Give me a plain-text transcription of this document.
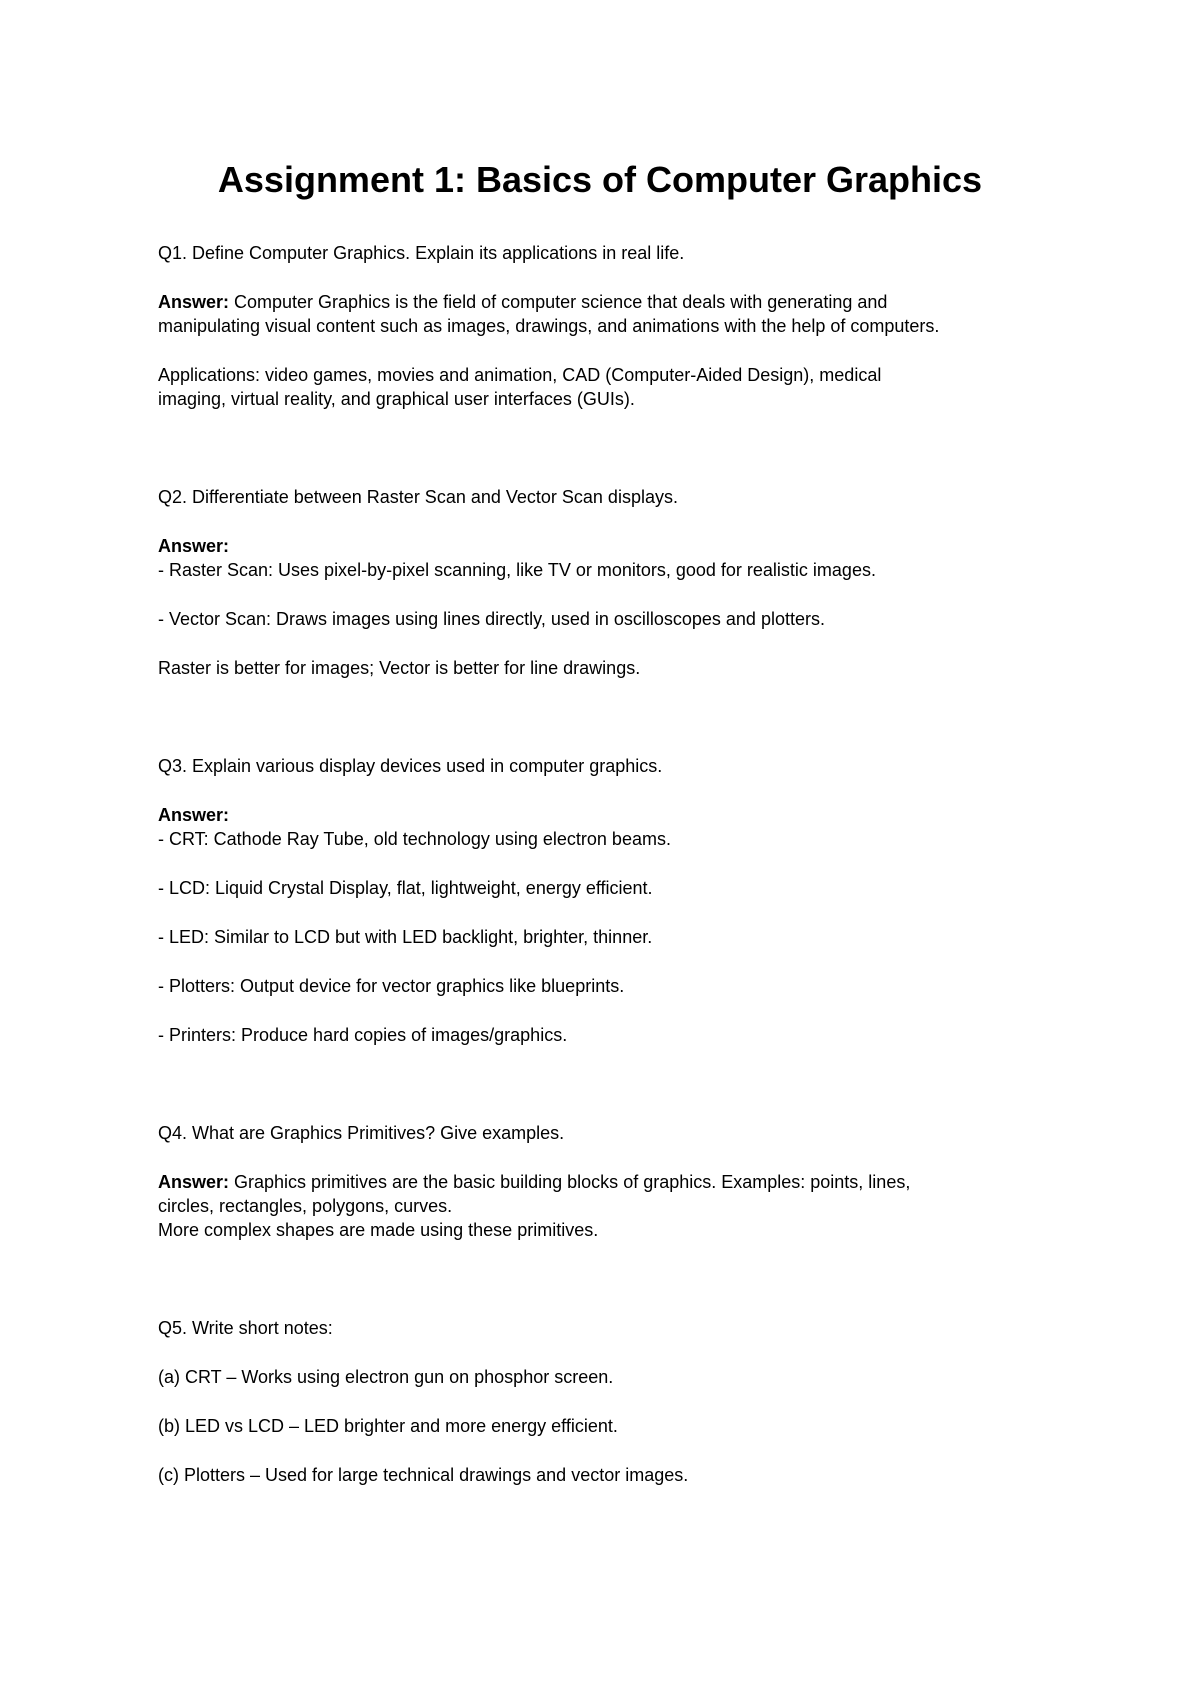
Assignment 1: Basics of Computer Graphics

Q1. Define Computer Graphics. Explain its applications in real life.

Answer: Computer Graphics is the field of computer science that deals with generating and

manipulating visual content such as images, drawings, and animations with the help of computers.

Applications: video games, movies and animation, CAD (Computer-Aided Design), medical

imaging, virtual reality, and graphical user interfaces (GUIs).

Q2. Differentiate between Raster Scan and Vector Scan displays.

Answer:

- Raster Scan: Uses pixel-by-pixel scanning, like TV or monitors, good for realistic images.

- Vector Scan: Draws images using lines directly, used in oscilloscopes and plotters.

Raster is better for images; Vector is better for line drawings.

Q3. Explain various display devices used in computer graphics.

Answer:

- CRT: Cathode Ray Tube, old technology using electron beams.

- LCD: Liquid Crystal Display, flat, lightweight, energy efficient.

- LED: Similar to LCD but with LED backlight, brighter, thinner.

- Plotters: Output device for vector graphics like blueprints.

- Printers: Produce hard copies of images/graphics.

Q4. What are Graphics Primitives? Give examples.

Answer: Graphics primitives are the basic building blocks of graphics. Examples: points, lines,

circles, rectangles, polygons, curves.

More complex shapes are made using these primitives.

Q5. Write short notes:

(a) CRT – Works using electron gun on phosphor screen.

(b) LED vs LCD – LED brighter and more energy efficient.

(c) Plotters – Used for large technical drawings and vector images.
